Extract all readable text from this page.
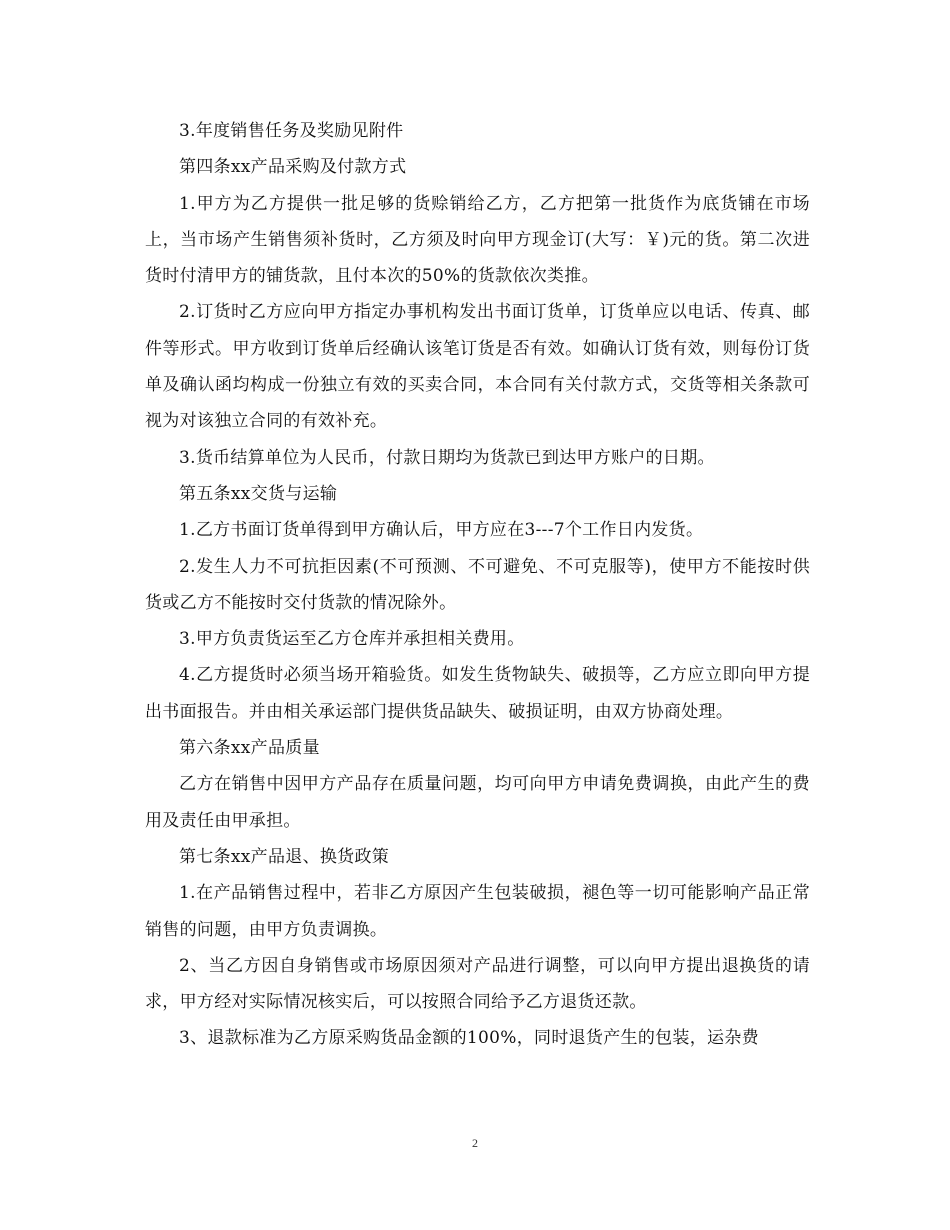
3.年度销售任务及奖励见附件

第四条xx产品采购及付款方式

1.甲方为乙方提供一批足够的货赊销给乙方，乙方把第一批货作为底货铺在市场上，当市场产生销售须补货时，乙方须及时向甲方现金订(大写：￥)元的货。第二次进货时付清甲方的铺货款，且付本次的50%的货款依次类推。

2.订货时乙方应向甲方指定办事机构发出书面订货单，订货单应以电话、传真、邮件等形式。甲方收到订货单后经确认该笔订货是否有效。如确认订货有效，则每份订货单及确认函均构成一份独立有效的买卖合同，本合同有关付款方式，交货等相关条款可视为对该独立合同的有效补充。

3.货币结算单位为人民币，付款日期均为货款已到达甲方账户的日期。

第五条xx交货与运输

1.乙方书面订货单得到甲方确认后，甲方应在3---7个工作日内发货。

2.发生人力不可抗拒因素(不可预测、不可避免、不可克服等)，使甲方不能按时供货或乙方不能按时交付货款的情况除外。

3.甲方负责货运至乙方仓库并承担相关费用。

4.乙方提货时必须当场开箱验货。如发生货物缺失、破损等，乙方应立即向甲方提出书面报告。并由相关承运部门提供货品缺失、破损证明，由双方协商处理。

第六条xx产品质量

乙方在销售中因甲方产品存在质量问题，均可向甲方申请免费调换，由此产生的费用及责任由甲承担。

第七条xx产品退、换货政策

1.在产品销售过程中，若非乙方原因产生包装破损，褪色等一切可能影响产品正常销售的问题，由甲方负责调换。

2、当乙方因自身销售或市场原因须对产品进行调整，可以向甲方提出退换货的请求，甲方经对实际情况核实后，可以按照合同给予乙方退货还款。

3、退款标准为乙方原采购货品金额的100%，同时退货产生的包装，运杂费

2
